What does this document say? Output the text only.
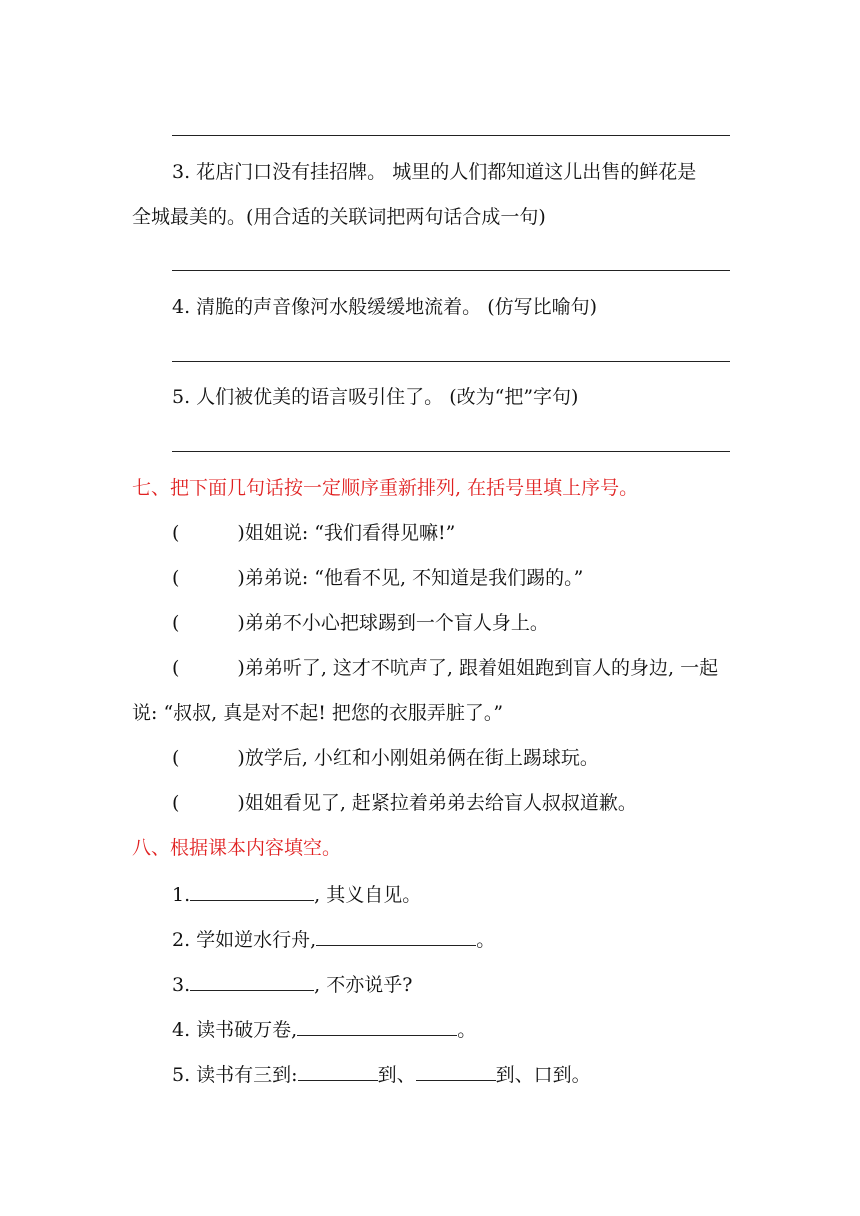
3. 花店门口没有挂招牌。 城里的人们都知道这儿出售的鲜花是
全城最美的。(用合适的关联词把两句话合成一句)
4. 清脆的声音像河水般缓缓地流着。 (仿写比喻句)
5. 人们被优美的语言吸引住了。 (改为“把”字句)
七、把下面几句话按一定顺序重新排列, 在括号里填上序号。
(	)姐姐说: “我们看得见嘛!”
(	)弟弟说: “他看不见, 不知道是我们踢的。”
(	)弟弟不小心把球踢到一个盲人身上。
(	)弟弟听了, 这才不吭声了, 跟着姐姐跑到盲人的身边, 一起
说: “叔叔, 真是对不起! 把您的衣服弄脏了。”
(	)放学后, 小红和小刚姐弟俩在街上踢球玩。
(	)姐姐看见了, 赶紧拉着弟弟去给盲人叔叔道歉。
八、根据课本内容填空。
1.	, 其义自见。
2. 学如逆水行舟,	。
3.	, 不亦说乎?
4. 读书破万卷,	。
5. 读书有三到:	到、	到、口到。
